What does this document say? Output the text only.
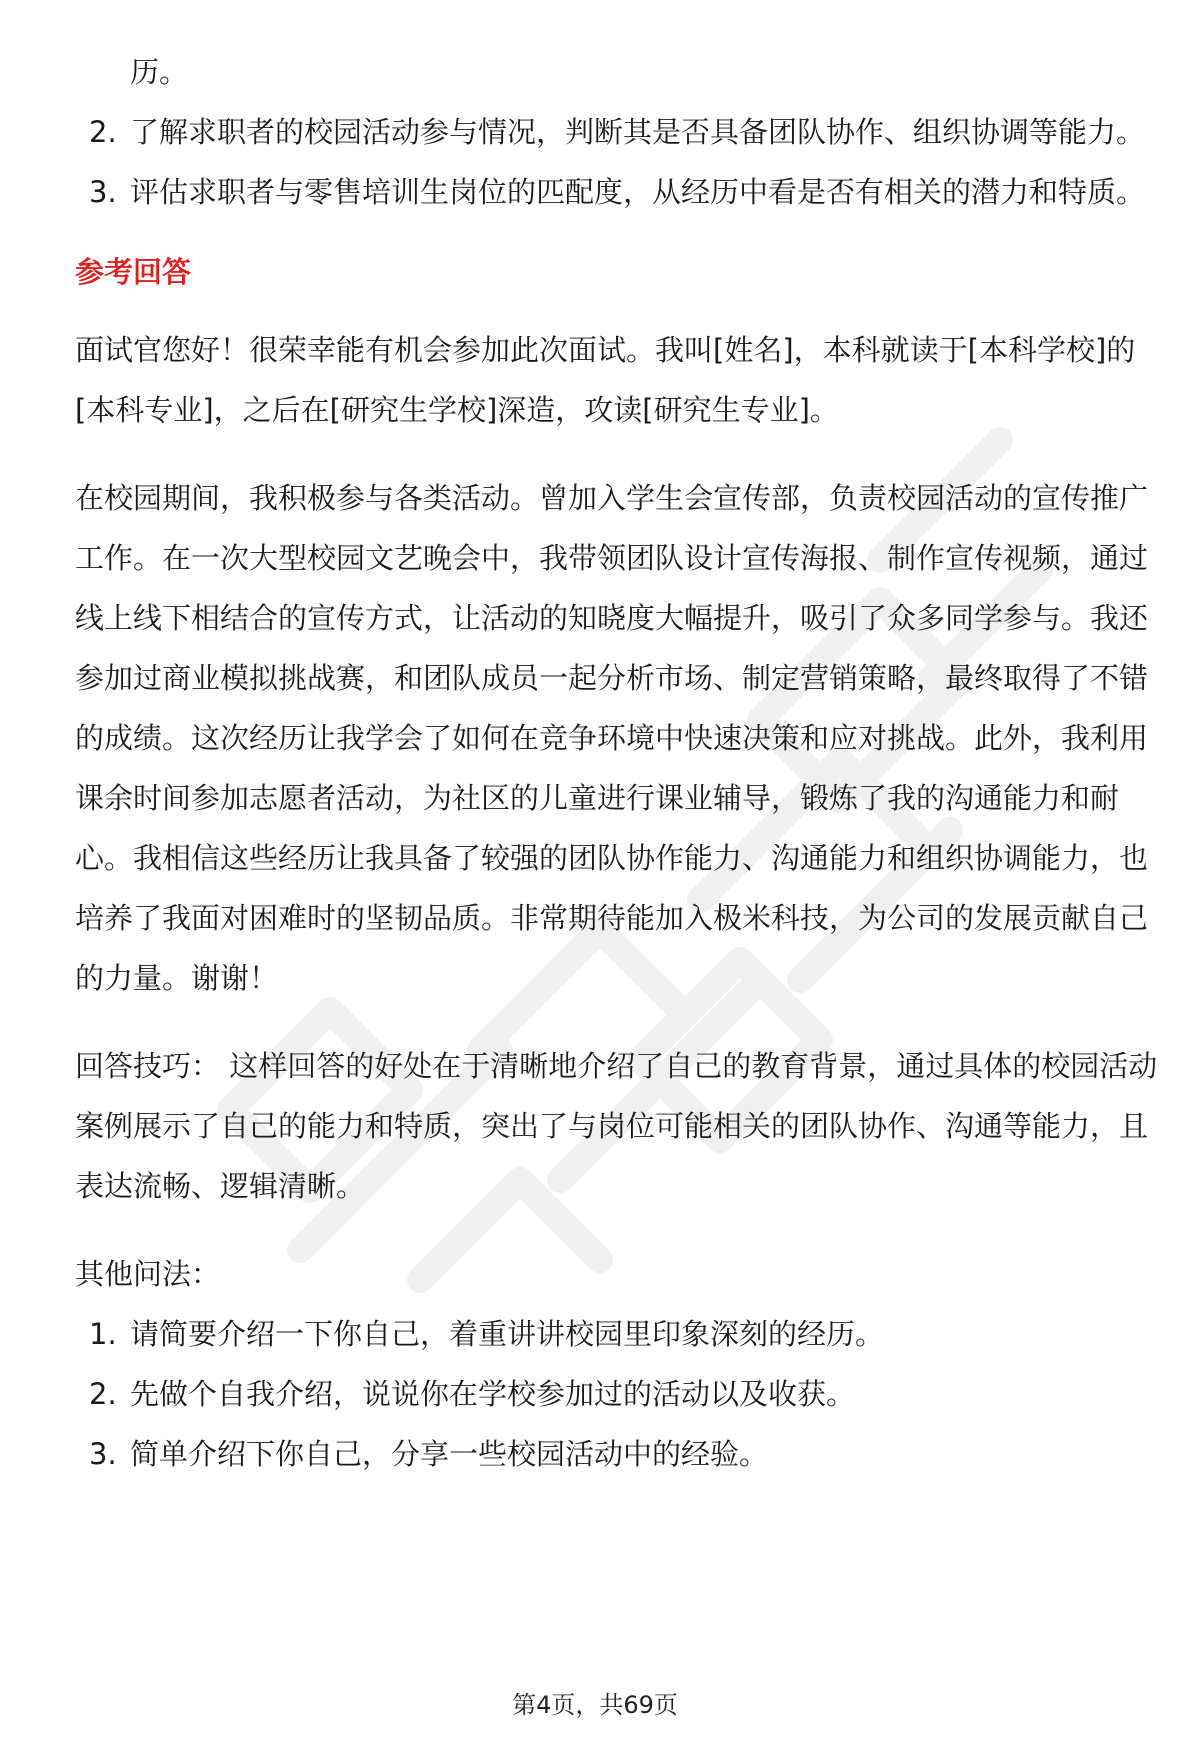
历。
2. 了解求职者的校园活动参与情况，判断其是否具备团队协作、组织协调等能力。
3. 评估求职者与零售培训生岗位的匹配度，从经历中看是否有相关的潜力和特质。
参考回答
面试官您好！很荣幸能有机会参加此次面试。我叫[姓名]，本科就读于[本科学校]的[本科专业]，之后在[研究生学校]深造，攻读[研究生专业]。
在校园期间，我积极参与各类活动。曾加入学生会宣传部，负责校园活动的宣传推广工作。在一次大型校园文艺晚会中，我带领团队设计宣传海报、制作宣传视频，通过线上线下相结合的宣传方式，让活动的知晓度大幅提升，吸引了众多同学参与。我还参加过商业模拟挑战赛，和团队成员一起分析市场、制定营销策略，最终取得了不错的成绩。这次经历让我学会了如何在竞争环境中快速决策和应对挑战。此外，我利用课余时间参加志愿者活动，为社区的儿童进行课业辅导，锻炼了我的沟通能力和耐心。我相信这些经历让我具备了较强的团队协作能力、沟通能力和组织协调能力，也培养了我面对困难时的坚韧品质。非常期待能加入极米科技，为公司的发展贡献自己的力量。谢谢！
回答技巧： 这样回答的好处在于清晰地介绍了自己的教育背景，通过具体的校园活动案例展示了自己的能力和特质，突出了与岗位可能相关的团队协作、沟通等能力，且表达流畅、逻辑清晰。
其他问法：
1. 请简要介绍一下你自己，着重讲讲校园里印象深刻的经历。
2. 先做个自我介绍，说说你在学校参加过的活动以及收获。
3. 简单介绍下你自己，分享一些校园活动中的经验。
第4页，共69页
